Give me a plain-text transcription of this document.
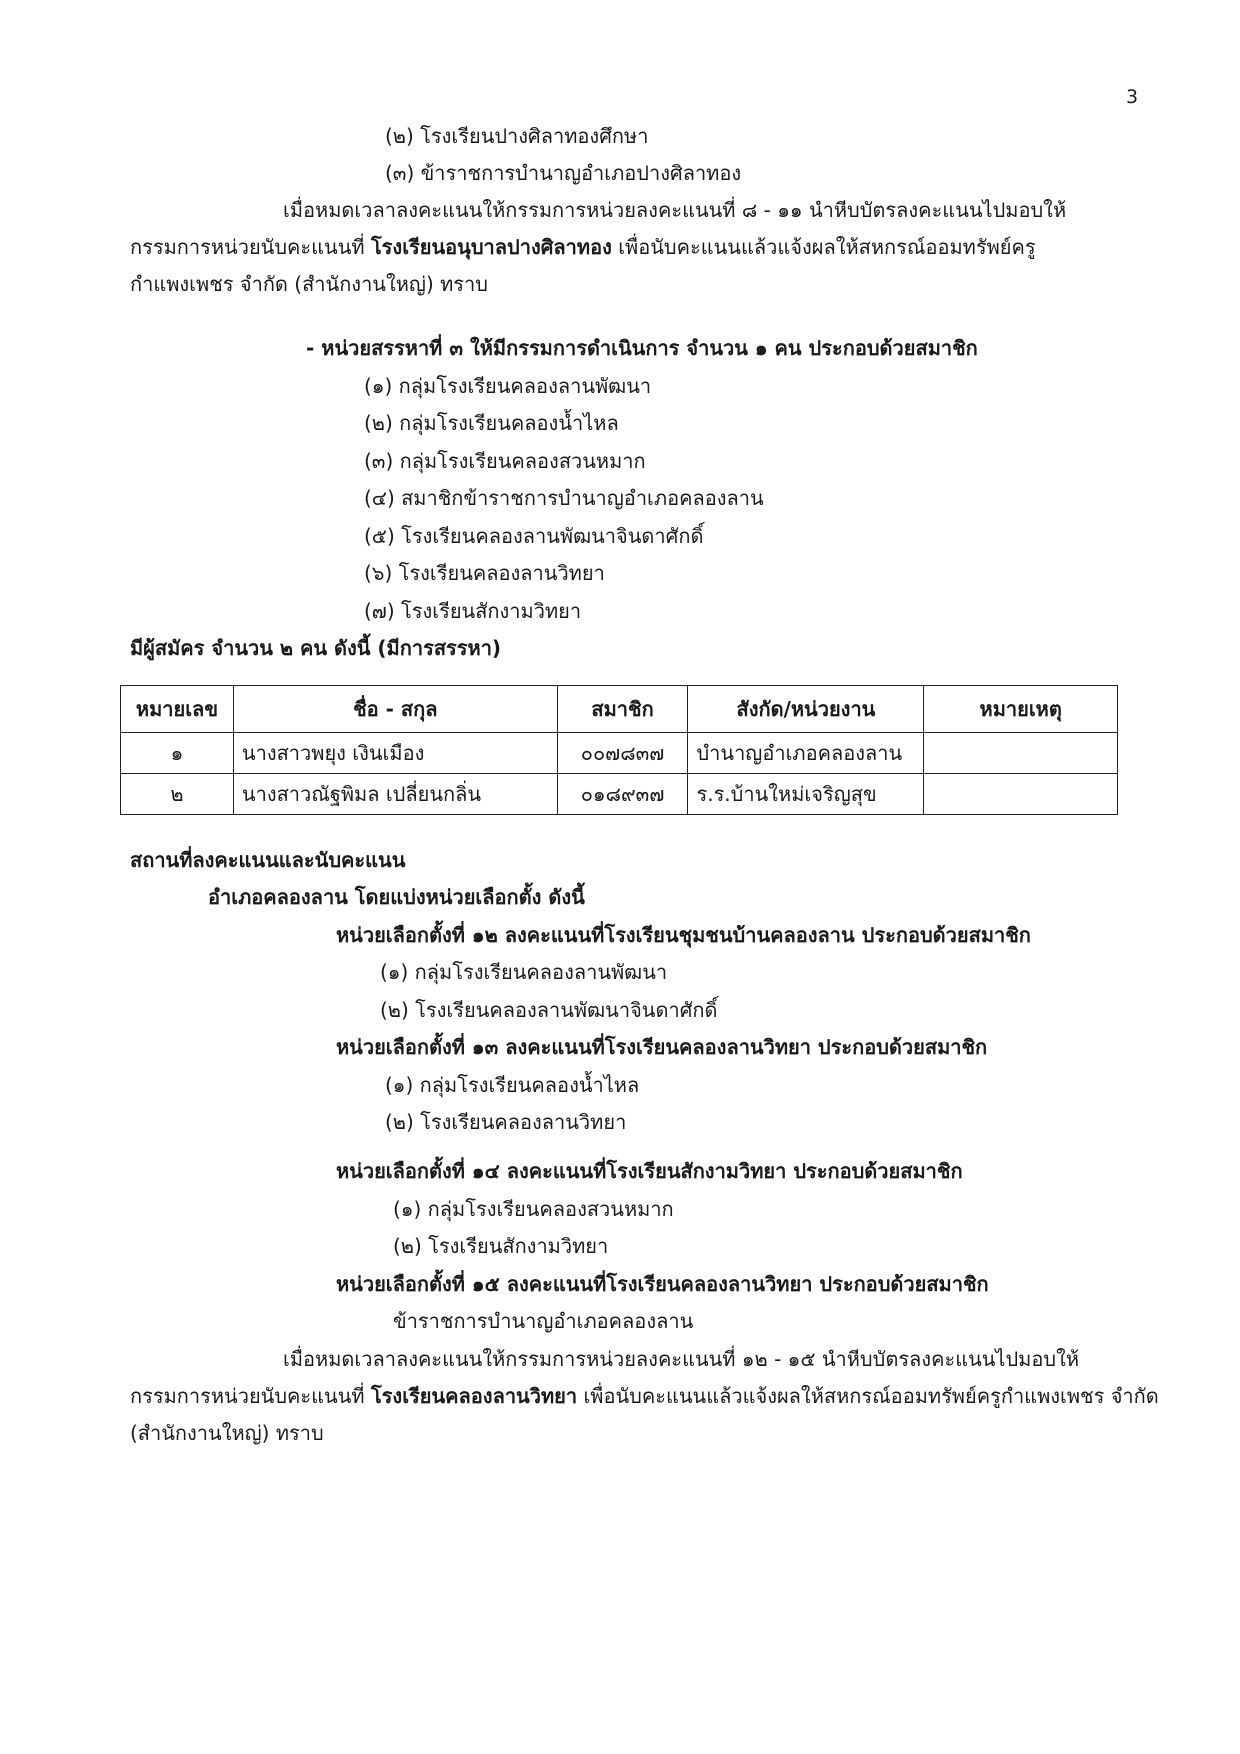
3
(๒) โรงเรียนปางศิลาทองศึกษา
(๓) ข้าราชการบำนาญอำเภอปางศิลาทอง
เมื่อหมดเวลาลงคะแนนให้กรรมการหน่วยลงคะแนนที่ ๘ - ๑๑ นำหีบบัตรลงคะแนนไปมอบให้
กรรมการหน่วยนับคะแนนที่ โรงเรียนอนุบาลปางศิลาทอง เพื่อนับคะแนนแล้วแจ้งผลให้สหกรณ์ออมทรัพย์ครู
กำแพงเพชร จำกัด (สำนักงานใหญ่) ทราบ
- หน่วยสรรหาที่ ๓ ให้มีกรรมการดำเนินการ จำนวน ๑ คน ประกอบด้วยสมาชิก
(๑) กลุ่มโรงเรียนคลองลานพัฒนา
(๒) กลุ่มโรงเรียนคลองน้ำไหล
(๓) กลุ่มโรงเรียนคลองสวนหมาก
(๔) สมาชิกข้าราชการบำนาญอำเภอคลองลาน
(๕) โรงเรียนคลองลานพัฒนาจินดาศักดิ์
(๖) โรงเรียนคลองลานวิทยา
(๗) โรงเรียนสักงามวิทยา
มีผู้สมัคร จำนวน ๒ คน ดังนี้ (มีการสรรหา)
หมายเลข	ชื่อ - สกุล	สมาชิก	สังกัด/หน่วยงาน	หมายเหตุ
๑	นางสาวพยุง เงินเมือง	๐๐๗๘๓๗	บำนาญอำเภอคลองลาน	
๒	นางสาวณัฐพิมล เปลี่ยนกลิ่น	๐๑๘๙๓๗	ร.ร.บ้านใหม่เจริญสุข	
สถานที่ลงคะแนนและนับคะแนน
อำเภอคลองลาน โดยแบ่งหน่วยเลือกตั้ง ดังนี้
หน่วยเลือกตั้งที่ ๑๒ ลงคะแนนที่โรงเรียนชุมชนบ้านคลองลาน ประกอบด้วยสมาชิก
(๑) กลุ่มโรงเรียนคลองลานพัฒนา
(๒) โรงเรียนคลองลานพัฒนาจินดาศักดิ์
หน่วยเลือกตั้งที่ ๑๓ ลงคะแนนที่โรงเรียนคลองลานวิทยา ประกอบด้วยสมาชิก
(๑) กลุ่มโรงเรียนคลองน้ำไหล
(๒) โรงเรียนคลองลานวิทยา
หน่วยเลือกตั้งที่ ๑๔ ลงคะแนนที่โรงเรียนสักงามวิทยา ประกอบด้วยสมาชิก
(๑) กลุ่มโรงเรียนคลองสวนหมาก
(๒) โรงเรียนสักงามวิทยา
หน่วยเลือกตั้งที่ ๑๕ ลงคะแนนที่โรงเรียนคลองลานวิทยา ประกอบด้วยสมาชิก
ข้าราชการบำนาญอำเภอคลองลาน
เมื่อหมดเวลาลงคะแนนให้กรรมการหน่วยลงคะแนนที่ ๑๒ - ๑๕ นำหีบบัตรลงคะแนนไปมอบให้
กรรมการหน่วยนับคะแนนที่ โรงเรียนคลองลานวิทยา เพื่อนับคะแนนแล้วแจ้งผลให้สหกรณ์ออมทรัพย์ครูกำแพงเพชร จำกัด
(สำนักงานใหญ่) ทราบ
